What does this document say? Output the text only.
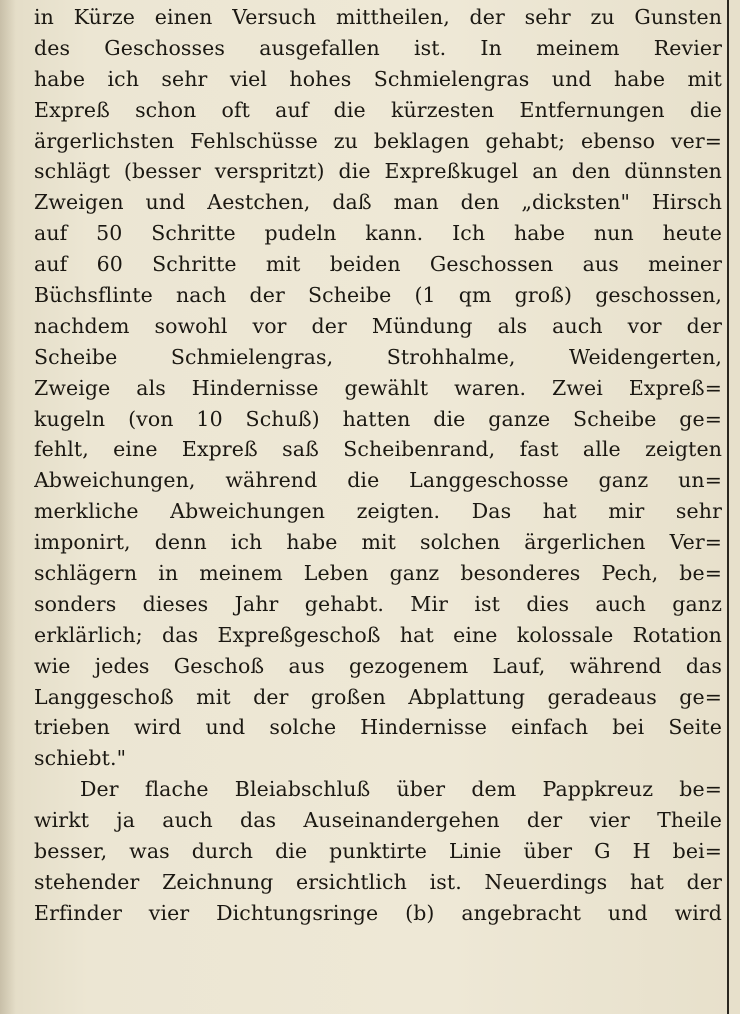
in Kürze einen Versuch mittheilen, der sehr zu Gunsten
des Geschosses ausgefallen ist. In meinem Revier
habe ich sehr viel hohes Schmielengras und habe mit
Expreß schon oft auf die kürzesten Entfernungen die
ärgerlichsten Fehlschüsse zu beklagen gehabt; ebenso ver=
schlägt (besser verspritzt) die Expreßkugel an den dünnsten
Zweigen und Aestchen, daß man den „dicksten" Hirsch
auf 50 Schritte pudeln kann. Ich habe nun heute
auf 60 Schritte mit beiden Geschossen aus meiner
Büchsflinte nach der Scheibe (1 qm groß) geschossen,
nachdem sowohl vor der Mündung als auch vor der
Scheibe Schmielengras, Strohhalme, Weidengerten,
Zweige als Hindernisse gewählt waren. Zwei Expreß=
kugeln (von 10 Schuß) hatten die ganze Scheibe ge=
fehlt, eine Expreß saß Scheibenrand, fast alle zeigten
Abweichungen, während die Langgeschosse ganz un=
merkliche Abweichungen zeigten. Das hat mir sehr
imponirt, denn ich habe mit solchen ärgerlichen Ver=
schlägern in meinem Leben ganz besonderes Pech, be=
sonders dieses Jahr gehabt. Mir ist dies auch ganz
erklärlich; das Expreßgeschoß hat eine kolossale Rotation
wie jedes Geschoß aus gezogenem Lauf, während das
Langgeschoß mit der großen Abplattung geradeaus ge=
trieben wird und solche Hindernisse einfach bei Seite
schiebt."
Der flache Bleiabschluß über dem Pappkreuz be=
wirkt ja auch das Auseinandergehen der vier Theile
besser, was durch die punktirte Linie über G H bei=
stehender Zeichnung ersichtlich ist. Neuerdings hat der
Erfinder vier Dichtungsringe (b) angebracht und wird
